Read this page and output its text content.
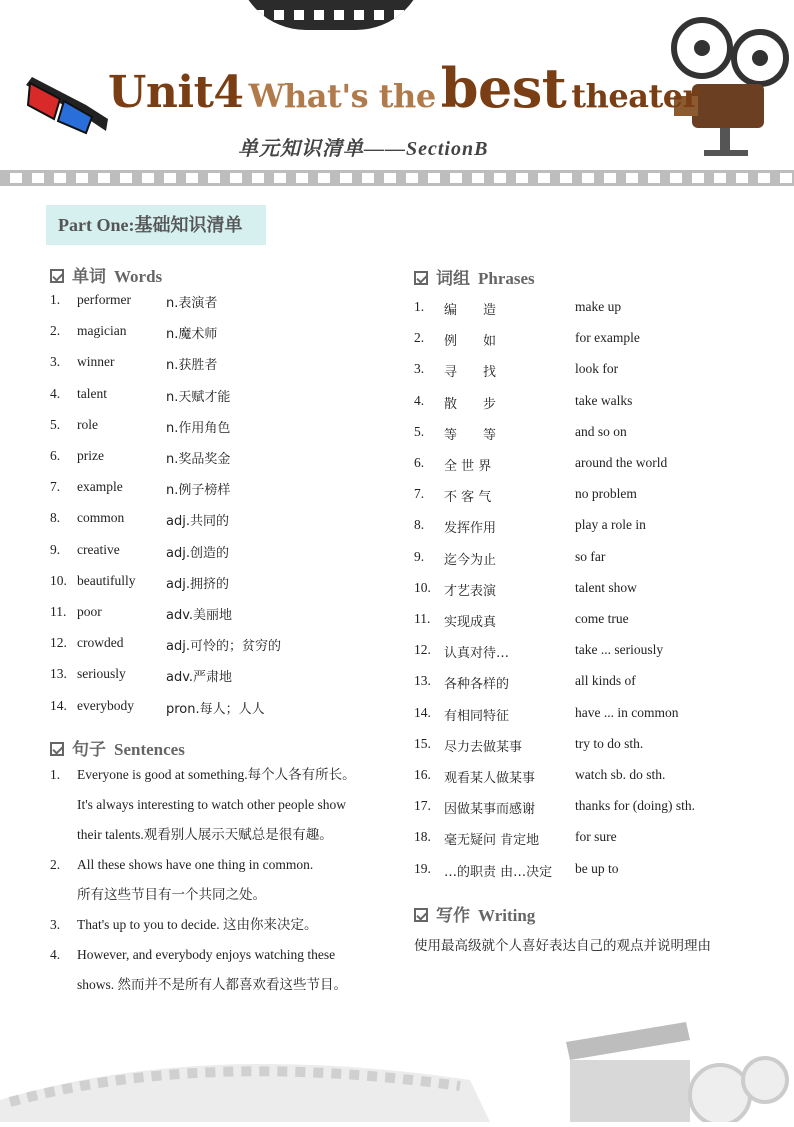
Unit4 What's the best theater
单元知识清单——SectionB
Part One:基础知识清单
单词 Words
1. performer	n.表演者
2. magician	n.魔术师
3. winner	n.获胜者
4. talent	n.天赋才能
5. role	n.作用角色
6. prize	n.奖品奖金
7. example	n.例子榜样
8. common	adj.共同的
9. creative	adj.创造的
10. beautifully adj.拥挤的
11. poor	adv.美丽地
12. crowded	adj.可怜的；贫穷的
13. seriously	adv.严肃地
14. everybody pron.每人；人人
句子 Sentences
1. Everyone is good at something.每个人各有所长。
It's always interesting to watch other people show
their talents.观看别人展示天赋总是很有趣。
2. All these shows have one thing in common.
所有这些节目有一个共同之处。
3. That's up to you to decide. 这由你来决定。
4. However, and everybody enjoys watching these
shows. 然而并不是所有人都喜欢看这些节目。
词组 Phrases
1. 编　　造	make up
2. 例　　如	for example
3. 寻　　找	look for
4. 散　　步	take walks
5. 等　　等	and so on
6. 全 世 界	around the world
7. 不 客 气	no problem
8. 发挥作用	play a role in
9. 迄今为止	so far
10. 才艺表演	talent show
11. 实现成真	come true
12. 认真对待…	take ... seriously
13. 各种各样的	all kinds of
14. 有相同特征	have ... in common
15. 尽力去做某事	try to do sth.
16. 观看某人做某事	watch sb. do sth.
17. 因做某事而感谢	thanks for (doing) sth.
18. 毫无疑问 肯定地	for sure
19. …的职责 由…决定 be up to
写作 Writing
使用最高级就个人喜好表达自己的观点并说明理由
